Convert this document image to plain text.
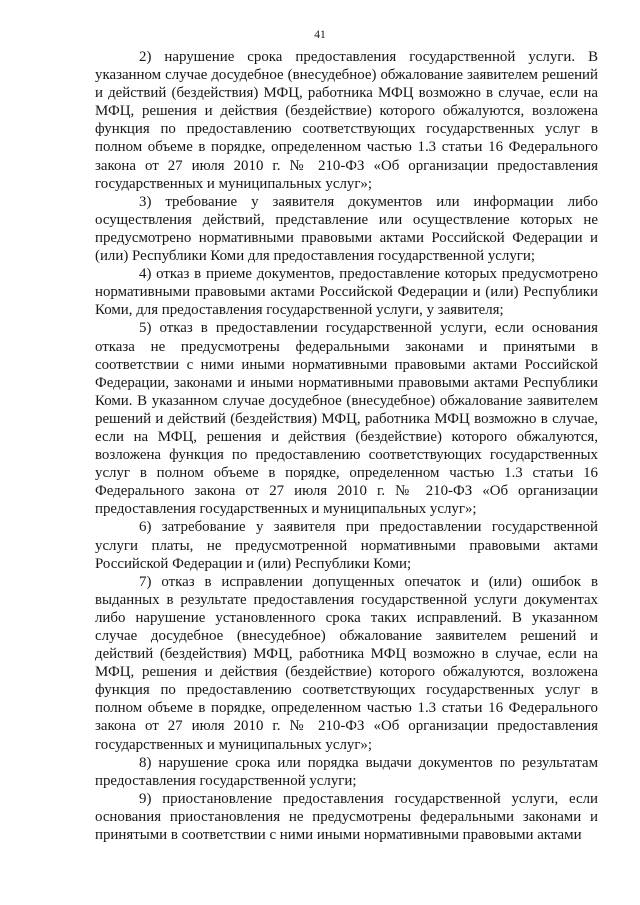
41

2) нарушение срока предоставления государственной услуги. В указанном случае досудебное (внесудебное) обжалование заявителем решений и действий (бездействия) МФЦ, работника МФЦ возможно в случае, если на МФЦ, решения и действия (бездействие) которого обжалуются, возложена функция по предоставлению соответствующих государственных услуг в полном объеме в порядке, определенном частью 1.3 статьи 16 Федерального закона от 27 июля 2010 г. № 210-ФЗ «Об организации предоставления государственных и муниципальных услуг»;

3) требование у заявителя документов или информации либо осуществления действий, представление или осуществление которых не предусмотрено нормативными правовыми актами Российской Федерации и (или) Республики Коми для предоставления государственной услуги;

4) отказ в приеме документов, предоставление которых предусмотрено нормативными правовыми актами Российской Федерации и (или) Республики Коми, для предоставления государственной услуги, у заявителя;

5) отказ в предоставлении государственной услуги, если основания отказа не предусмотрены федеральными законами и принятыми в соответствии с ними иными нормативными правовыми актами Российской Федерации, законами и иными нормативными правовыми актами Республики Коми. В указанном случае досудебное (внесудебное) обжалование заявителем решений и действий (бездействия) МФЦ, работника МФЦ возможно в случае, если на МФЦ, решения и действия (бездействие) которого обжалуются, возложена функция по предоставлению соответствующих государственных услуг в полном объеме в порядке, определенном частью 1.3 статьи 16 Федерального закона от 27 июля 2010 г. № 210-ФЗ «Об организации предоставления государственных и муниципальных услуг»;

6) затребование у заявителя при предоставлении государственной услуги платы, не предусмотренной нормативными правовыми актами Российской Федерации и (или) Республики Коми;

7) отказ в исправлении допущенных опечаток и (или) ошибок в выданных в результате предоставления государственной услуги документах либо нарушение установленного срока таких исправлений. В указанном случае досудебное (внесудебное) обжалование заявителем решений и действий (бездействия) МФЦ, работника МФЦ возможно в случае, если на МФЦ, решения и действия (бездействие) которого обжалуются, возложена функция по предоставлению соответствующих государственных услуг в полном объеме в порядке, определенном частью 1.3 статьи 16 Федерального закона от 27 июля 2010 г. № 210-ФЗ «Об организации предоставления государственных и муниципальных услуг»;

8) нарушение срока или порядка выдачи документов по результатам предоставления государственной услуги;

9) приостановление предоставления государственной услуги, если основания приостановления не предусмотрены федеральными законами и принятыми в соответствии с ними иными нормативными правовыми актами
